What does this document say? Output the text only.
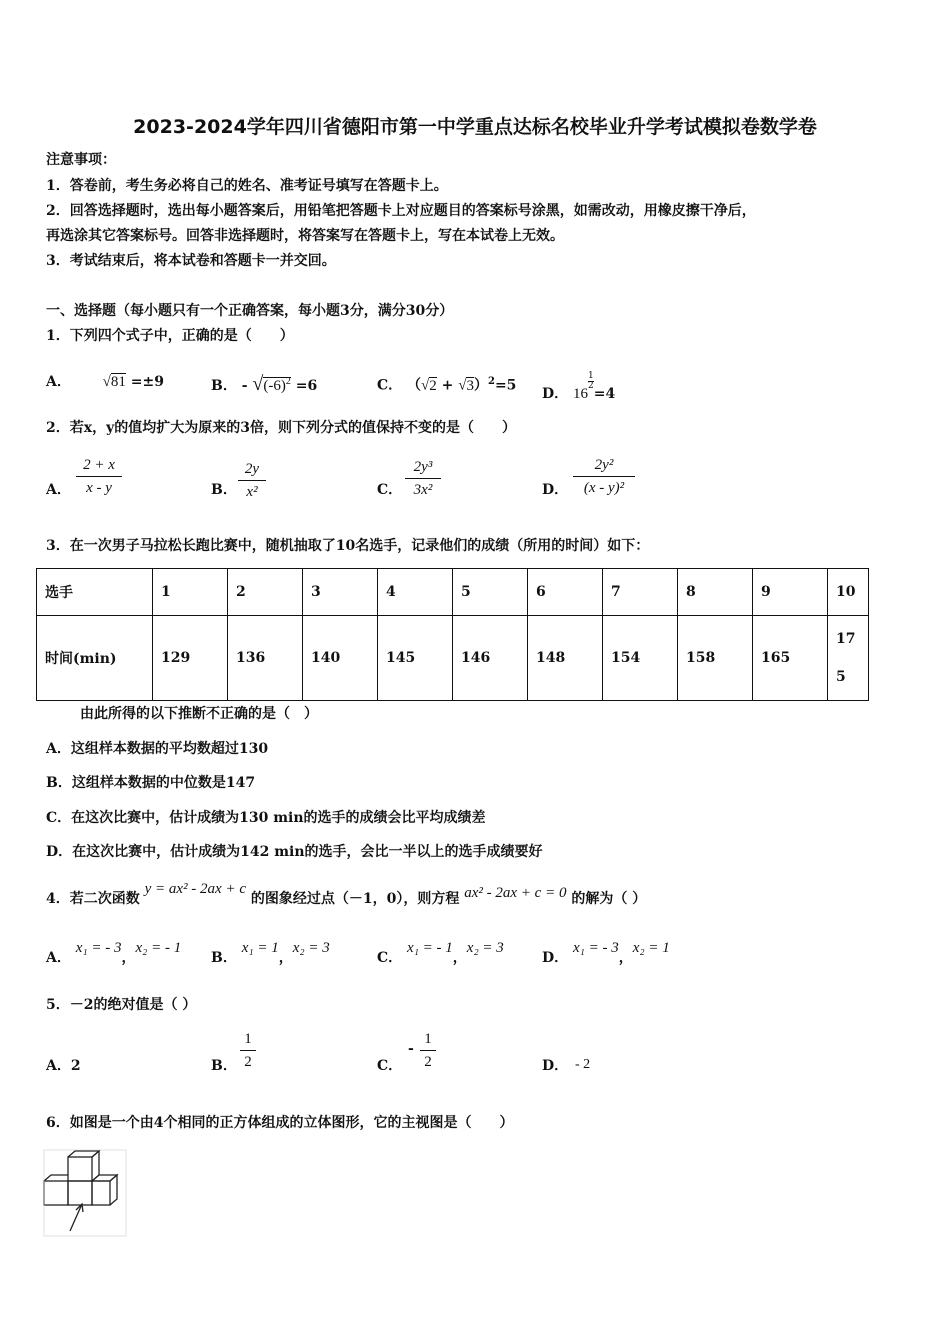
2023-2024学年四川省德阳市第一中学重点达标名校毕业升学考试模拟卷数学卷
注意事项：
1．答卷前，考生务必将自己的姓名、准考证号填写在答题卡上。
2．回答选择题时，选出每小题答案后，用铅笔把答题卡上对应题目的答案标号涂黑，如需改动，用橡皮擦干净后，
再选涂其它答案标号。回答非选择题时，将答案写在答题卡上，写在本试卷上无效。
3．考试结束后，将本试卷和答题卡一并交回。
一、选择题（每小题只有一个正确答案，每小题3分，满分30分）
1．下列四个式子中，正确的是（　　）
A． √81 =±9	B． - $√(-6)^2 =6$	C． $(√2 + √3)^2=5$
D． 16
$\frac{1}{2}$
=4
2．若x，y的值均扩大为原来的3倍，则下列分式的值保持不变的是（　　）
A．
2 + x
x - y	B．
2y
x²	C．
2y³
3x²	D．
2y²
(x - y)²
3．在一次男子马拉松长跑比赛中，随机抽取了10名选手，记录他们的成绩（所用的时间）如下：
选手	1	2	3	4	5	6	7	8	9	10
时间(min)	129	136	140	145	146	148	154	158	165	17
5
由此所得的以下推断不正确的是（　）
A．这组样本数据的平均数超过130
B．这组样本数据的中位数是147
C．在这次比赛中，估计成绩为130 min的选手的成绩会比平均成绩差
D．在这次比赛中，估计成绩为142 min的选手，会比一半以上的选手成绩要好
4．若二次函数 y = ax² - 2ax + c 的图象经过点（－1，0），则方程 ax² - 2ax + c = 0 的解为（ ）
A． x₁ = - 3，x₂ = - 1
B． x₁ = 1，x₂ = 3
C． x₁ = - 1，x₂ = 3
D． x₁ = - 3，x₂ = 1
5．－2的绝对值是（ ）
A．2	B．
1
2	C．
-
1
2	D． - 2
6．如图是一个由4个相同的正方体组成的立体图形，它的主视图是（　　）
